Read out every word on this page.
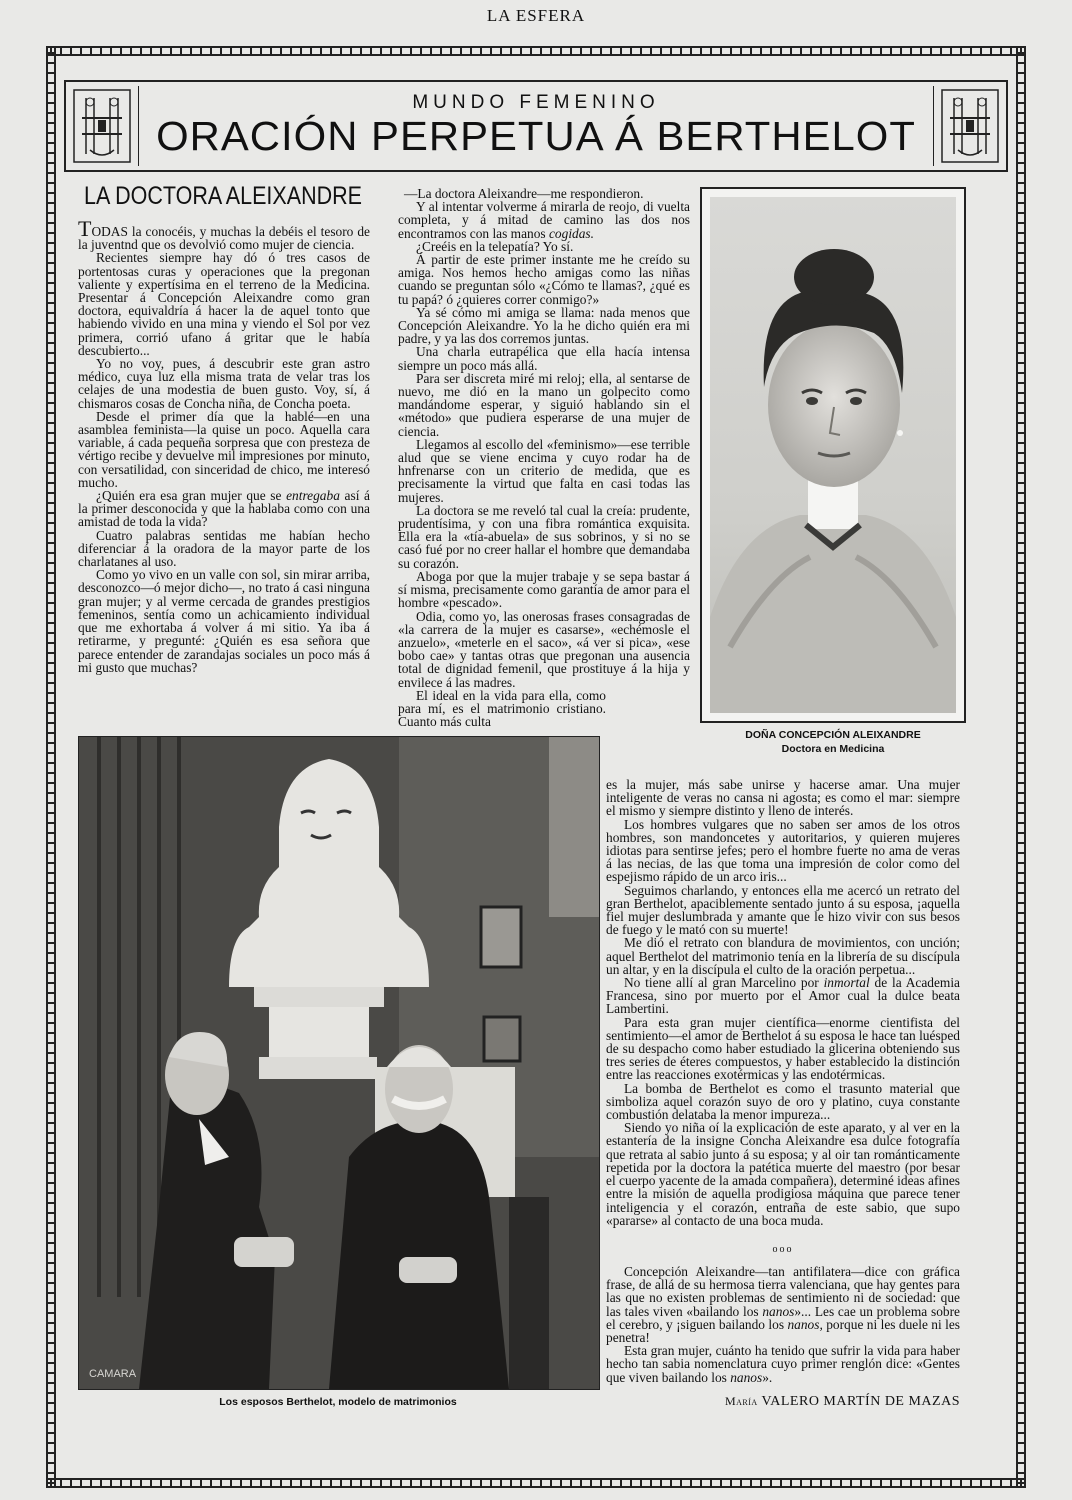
LA ESFERA
MUNDO FEMENINO
ORACIÓN PERPETUA Á BERTHELOT
LA DOCTORA ALEIXANDRE

TODAS la conocéis, y muchas la debéis el tesoro de la juventnd que os devolvió como mujer de ciencia.

Recientes siempre hay dó ó tres casos de portentosas curas y operaciones que la pregonan valiente y expertísima en el terreno de la Medicina. Presentar á Concepción Aleixandre como gran doctora, equivaldría á hacer la de aquel tonto que habiendo vivido en una mina y viendo el Sol por vez primera, corrió ufano á gritar que le había descubierto...

Yo no voy, pues, á descubrir este gran astro médico, cuya luz ella misma trata de velar tras los celajes de una modestia de buen gusto. Voy, sí, á chismaros cosas de Concha niña, de Concha poeta.

Desde el primer día que la hablé—en una asamblea feminista—la quise un poco. Aquella cara variable, á cada pequeña sorpresa que con presteza de vértigo recibe y devuelve mil impresiones por minuto, con versatilidad, con sinceridad de chico, me interesó mucho.

¿Quién era esa gran mujer que se entregaba así á la primer desconocida y que la hablaba como con una amistad de toda la vida?

Cuatro palabras sentidas me habían hecho diferenciar á la oradora de la mayor parte de los charlatanes al uso.

Como yo vivo en un valle con sol, sin mirar arriba, desconozco—ó mejor dicho—, no trato á casi ninguna gran mujer; y al verme cercada de grandes prestigios femeninos, sentía como un achicamiento individual que me exhortaba á volver á mi sitio. Ya iba á retirarme, y pregunté: ¿Quién es esa señora que parece entender de zarandajas sociales un poco más á mi gusto que muchas?

—La doctora Aleixandre—me respondieron.

Y al intentar volverme á mirarla de reojo, di vuelta completa, y á mitad de camino las dos nos encontramos con las manos cogidas.

¿Creéis en la telepatía? Yo sí.

Á partir de este primer instante me he creído su amiga. Nos hemos hecho amigas como las niñas cuando se preguntan sólo «¿Cómo te llamas?, ¿qué es tu papá? ó ¿quieres correr conmigo?»

Ya sé cómo mi amiga se llama: nada menos que Concepción Aleixandre. Yo la he dicho quién era mi padre, y ya las dos corremos juntas.

Una charla eutrapélica que ella hacía intensa siempre un poco más allá.

Para ser discreta miré mi reloj; ella, al sentarse de nuevo, me dió en la mano un golpecito como mandándome esperar, y siguió hablando sin el «método» que pudiera esperarse de una mujer de ciencia.

Llegamos al escollo del «feminismo»—ese terrible alud que se viene encima y cuyo rodar ha de hnfrenarse con un criterio de medida, que es precisamente la virtud que falta en casi todas las mujeres.

La doctora se me reveló tal cual la creía: prudente, prudentísima, y con una fibra romántica exquisita. Ella era la «tía-abuela» de sus sobrinos, y si no se casó fué por no creer hallar el hombre que demandaba su corazón.

Aboga por que la mujer trabaje y se sepa bastar á sí misma, precisamente como garantía de amor para el hombre «pescado».

Odia, como yo, las onerosas frases consagradas de «la carrera de la mujer es casarse», «echémosle el anzuelo», «meterle en el saco», «á ver si pica», «ese bobo cae» y tantas otras que pregonan una ausencia total de dignidad femenil, que prostituye á la hija y envilece á las madres.

El ideal en la vida para ella, como para mí, es el matrimonio cristiano. Cuanto más culta

DOÑA CONCEPCIÓN ALEIXANDRE
Doctora en Medicina
CAMARA
Los esposos Berthelot, modelo de matrimonios

es la mujer, más sabe unirse y hacerse amar. Una mujer inteligente de veras no cansa ni agosta; es como el mar: siempre el mismo y siempre distinto y lleno de interés.

Los hombres vulgares que no saben ser amos de los otros hombres, son mandoncetes y autoritarios, y quieren mujeres idiotas para sentirse jefes; pero el hombre fuerte no ama de veras á las necias, de las que toma una impresión de color como del espejismo rápido de un arco iris...

Seguimos charlando, y entonces ella me acercó un retrato del gran Berthelot, apaciblemente sentado junto á su esposa, ¡aquella fiel mujer deslumbrada y amante que le hizo vivir con sus besos de fuego y le mató con su muerte!

Me dió el retrato con blandura de movimientos, con unción; aquel Berthelot del matrimonio tenía en la librería de su discípula un altar, y en la discípula el culto de la oración perpetua...

No tiene allí al gran Marcelino por inmortal de la Academia Francesa, sino por muerto por el Amor cual la dulce beata Lambertini.

Para esta gran mujer científica—enorme cientifista del sentimiento—el amor de Berthelot á su esposa le hace tan luésped de su despacho como haber estudiado la glicerina obteniendo sus tres series de éteres compuestos, y haber establecido la distinción entre las reacciones exotérmicas y las endotérmicas.

La bomba de Berthelot es como el trasunto material que simboliza aquel corazón suyo de oro y platino, cuya constante combustión delataba la menor impureza...

Siendo yo niña oí la explicación de este aparato, y al ver en la estantería de la insigne Concha Aleixandre esa dulce fotografía que retrata al sabio junto á su esposa; y al oir tan románticamente repetida por la doctora la patética muerte del maestro (por besar el cuerpo yacente de la amada compañera), determiné ideas afines entre la misión de aquella prodigiosa máquina que parece tener inteligencia y el corazón, entraña de este sabio, que supo «pararse» al contacto de una boca muda.

ooo

Concepción Aleixandre—tan antifilatera—dice con gráfica frase, de allá de su hermosa tierra valenciana, que hay gentes para las que no existen problemas de sentimiento ni de sociedad: que las tales viven «bailando los nanos»... Les cae un problema sobre el cerebro, y ¡siguen bailando los nanos, porque ni les duele ni les penetra!

Esta gran mujer, cuánto ha tenido que sufrir la vida para haber hecho tan sabia nomenclatura cuyo primer renglón dice: «Gentes que viven bailando los nanos».

María VALERO MARTÍN DE MAZAS
